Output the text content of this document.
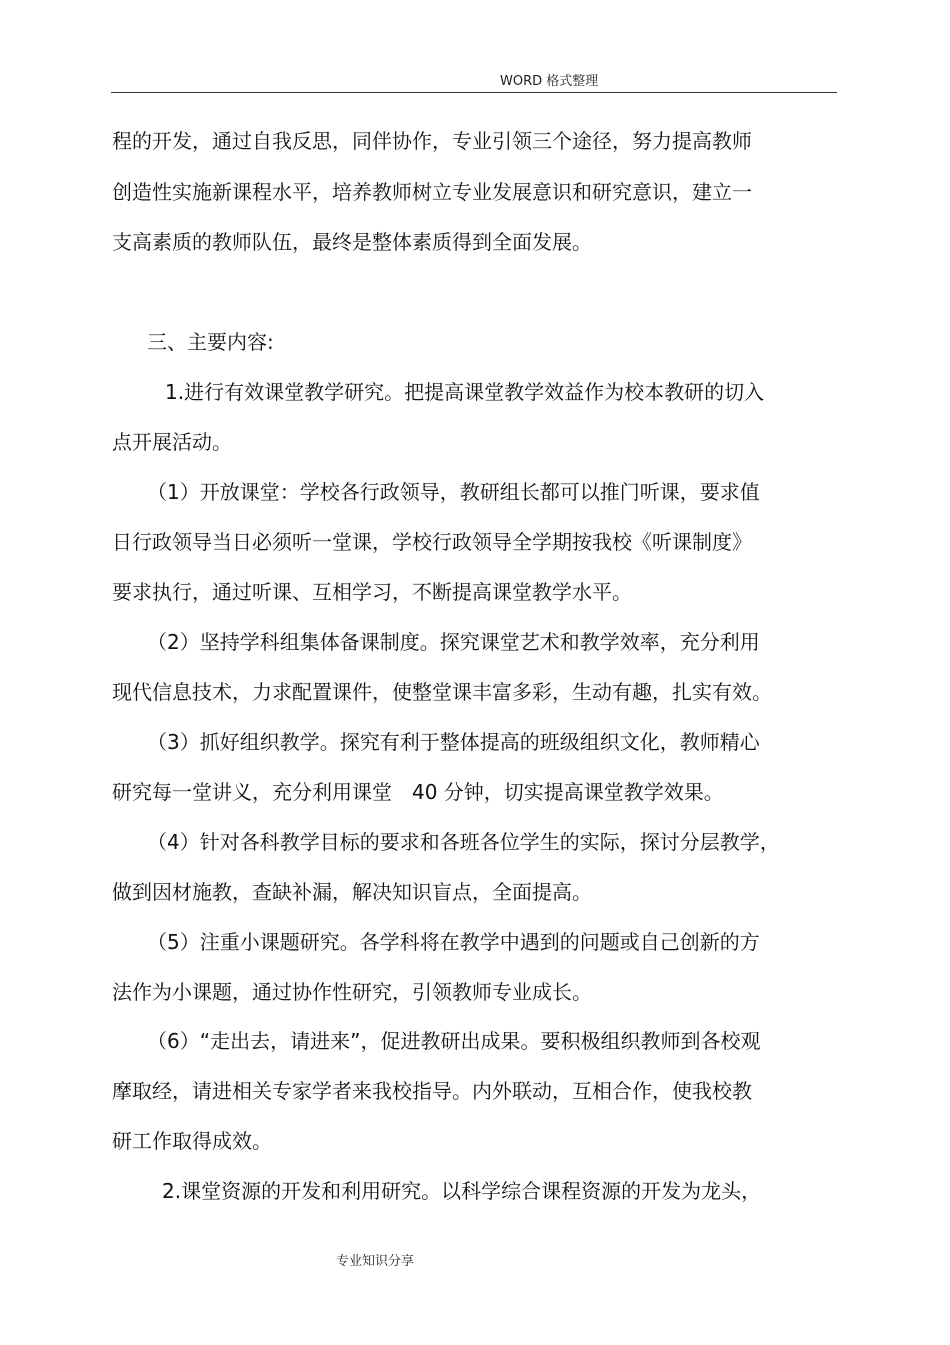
WORD 格式整理
程的开发，通过自我反思，同伴协作，专业引领三个途径，努力提高教师
创造性实施新课程水平，培养教师树立专业发展意识和研究意识，建立一
支高素质的教师队伍，最终是整体素质得到全面发展。
三、主要内容:
1.进行有效课堂教学研究。把提高课堂教学效益作为校本教研的切入
点开展活动。
（1）开放课堂：学校各行政领导，教研组长都可以推门听课，要求值
日行政领导当日必须听一堂课，学校行政领导全学期按我校《听课制度》
要求执行，通过听课、互相学习，不断提高课堂教学水平。
（2）坚持学科组集体备课制度。探究课堂艺术和教学效率，充分利用
现代信息技术，力求配置课件，使整堂课丰富多彩，生动有趣，扎实有效。
（3）抓好组织教学。探究有利于整体提高的班级组织文化，教师精心
研究每一堂讲义，充分利用课堂　40 分钟，切实提高课堂教学效果。
（4）针对各科教学目标的要求和各班各位学生的实际，探讨分层教学，
做到因材施教，查缺补漏，解决知识盲点，全面提高。
（5）注重小课题研究。各学科将在教学中遇到的问题或自己创新的方
法作为小课题，通过协作性研究，引领教师专业成长。
（6）“走出去，请进来”，促进教研出成果。要积极组织教师到各校观
摩取经，请进相关专家学者来我校指导。内外联动，互相合作，使我校教
研工作取得成效。
2.课堂资源的开发和利用研究。以科学综合课程资源的开发为龙头，
专业知识分享
